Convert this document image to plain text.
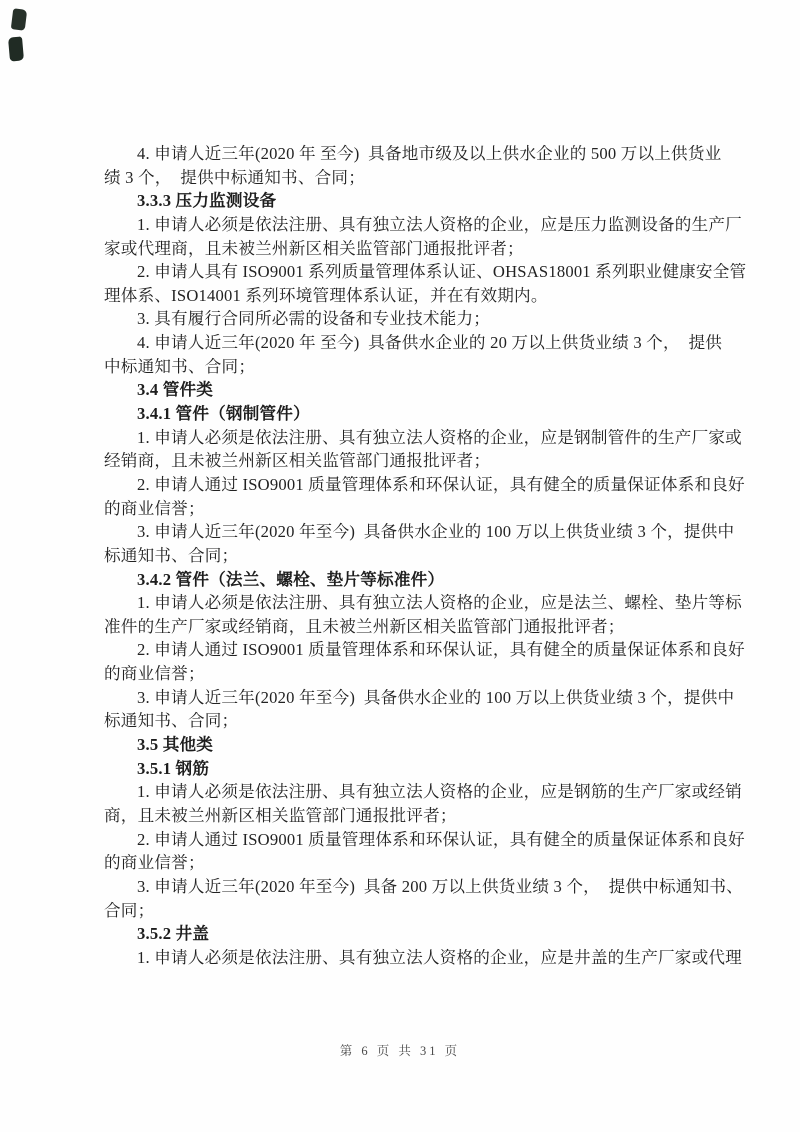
4. 申请人近三年(2020 年 至今)  具备地市级及以上供水企业的 500 万以上供货业
绩 3 个，  提供中标通知书、合同；
3.3.3 压力监测设备
1. 申请人必须是依法注册、具有独立法人资格的企业，应是压力监测设备的生产厂
家或代理商，且未被兰州新区相关监管部门通报批评者；
2. 申请人具有 ISO9001 系列质量管理体系认证、OHSAS18001 系列职业健康安全管
理体系、ISO14001 系列环境管理体系认证，并在有效期内。
3. 具有履行合同所必需的设备和专业技术能力；
4. 申请人近三年(2020 年 至今)  具备供水企业的 20 万以上供货业绩 3 个，  提供
中标通知书、合同；
3.4 管件类
3.4.1 管件（钢制管件）
1. 申请人必须是依法注册、具有独立法人资格的企业，应是钢制管件的生产厂家或
经销商，且未被兰州新区相关监管部门通报批评者；
2. 申请人通过 ISO9001 质量管理体系和环保认证，具有健全的质量保证体系和良好
的商业信誉；
3. 申请人近三年(2020 年至今)  具备供水企业的 100 万以上供货业绩 3 个，提供中
标通知书、合同；
3.4.2 管件（法兰、螺栓、垫片等标准件）
1. 申请人必须是依法注册、具有独立法人资格的企业，应是法兰、螺栓、垫片等标
准件的生产厂家或经销商，且未被兰州新区相关监管部门通报批评者；
2. 申请人通过 ISO9001 质量管理体系和环保认证，具有健全的质量保证体系和良好
的商业信誉；
3. 申请人近三年(2020 年至今)  具备供水企业的 100 万以上供货业绩 3 个，提供中
标通知书、合同；
3.5 其他类
3.5.1 钢筋
1. 申请人必须是依法注册、具有独立法人资格的企业，应是钢筋的生产厂家或经销
商，且未被兰州新区相关监管部门通报批评者；
2. 申请人通过 ISO9001 质量管理体系和环保认证，具有健全的质量保证体系和良好
的商业信誉；
3. 申请人近三年(2020 年至今)  具备 200 万以上供货业绩 3 个，  提供中标通知书、
合同；
3.5.2 井盖
1. 申请人必须是依法注册、具有独立法人资格的企业，应是井盖的生产厂家或代理
第 6 页 共 31 页
